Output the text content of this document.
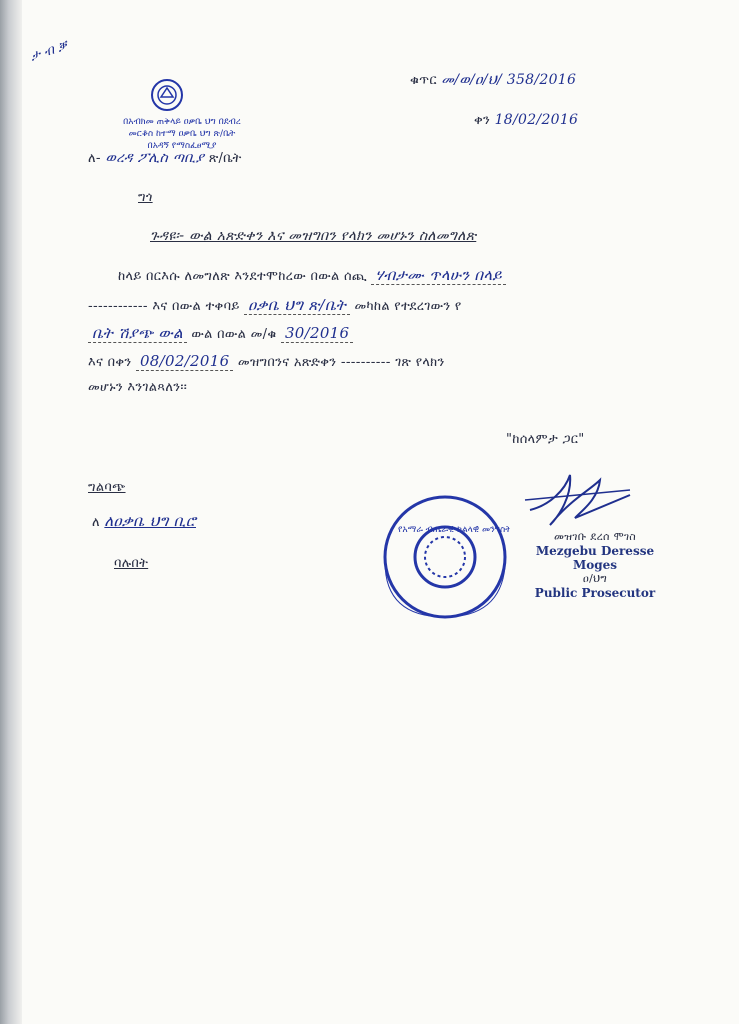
ታ ብ ቓ
ቁጥር መ/ወ/ዐ/ህ/ 358/2016
ቀን 18/02/2016
በአብክመ ጠቅላይ ዐቃቤ ህግ በደብረ
መርቆስ ከተማ ዐቃቤ ህግ ጽ/ቤት
በአዳኝ የማስፈፀሚያ
ለ- ወረዳ ፖሊስ ጣቢያ ጽ/ቤት
ግጎ
ጉዳዩ፡- ውል አጽድቀን እና መዝግበን የላክን መሆኑን ስለመግለጽ
ከላይ በርእሱ ለመግለጽ እንደተሞከረው በውል ሰጪ ሃብታሙ ጥላሁን በላይ
------------ እና በውል ተቀባይ ዐቃቤ ህግ ጽ/ቤት መካከል የተደረገውን የ
ቤት ሽያጭ ውል ውል በውል መ/ቁ 30/2016
እና በቀን 08/02/2016 መዝግበንና አጽድቀን ---------- ገጽ የላክን
መሆኑን እንገልጻለን፡፡
"ከሰላምታ ጋር"
ግልባጭ
ለ ለዐቃቤ ህግ ቢሮ
ባሉበት
የአማራ ብሔራዊ ክልላዊ መንግስት	መዝገቡ ደረሰ ሞገስ
Mezgebu Deresse Moges
ዐ/ህግ
Public Prosecutor
